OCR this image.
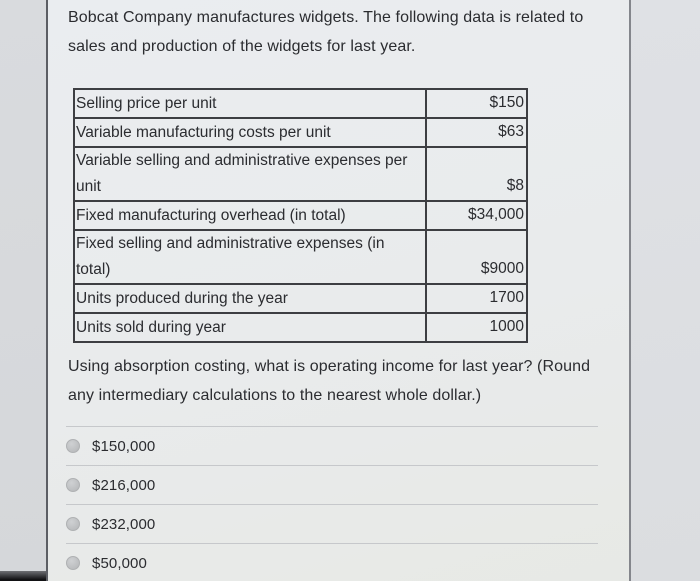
Bobcat Company manufactures widgets. The following data is related to sales and production of the widgets for last year.

Selling price per unit	$150
Variable manufacturing costs per unit	$63
Variable selling and administrative expenses per unit	$8
Fixed manufacturing overhead (in total)	$34,000
Fixed selling and administrative expenses (in total)	$9000
Units produced during the year	1700
Units sold during year	1000

Using absorption costing, what is operating income for last year? (Round any intermediary calculations to the nearest whole dollar.)

$150,000
$216,000
$232,000
$50,000
